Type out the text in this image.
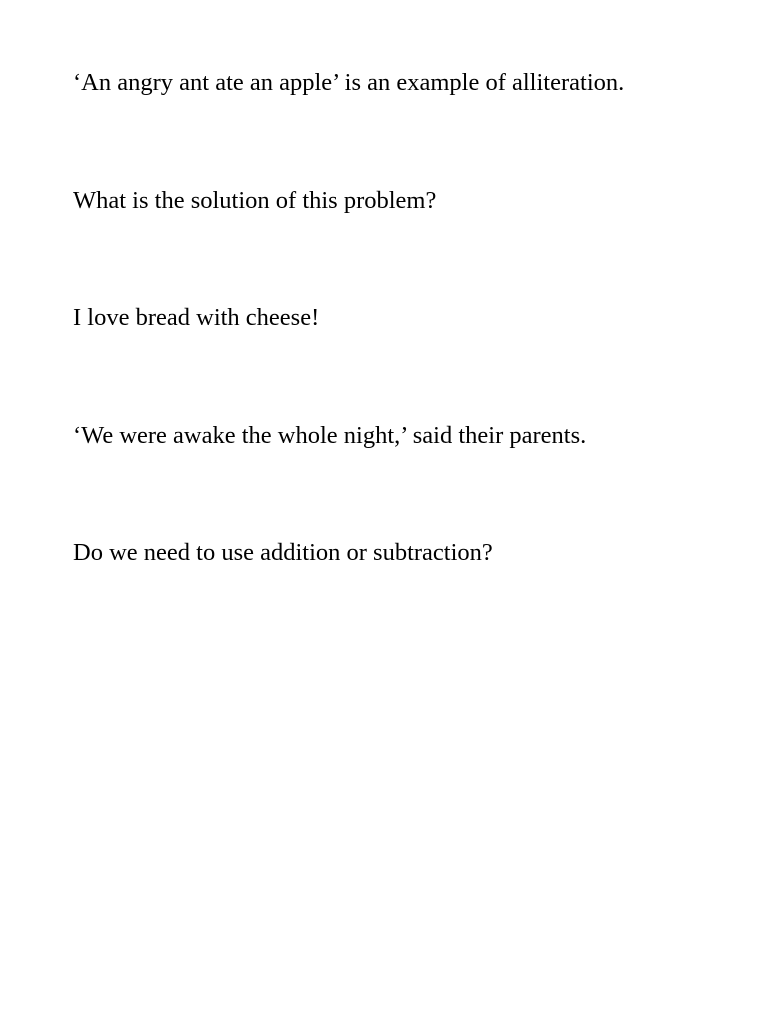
‘An angry ant ate an apple’ is an example of alliteration.
What is the solution of this problem?
I love bread with cheese!
‘We were awake the whole night,’ said their parents.
Do we need to use addition or subtraction?
